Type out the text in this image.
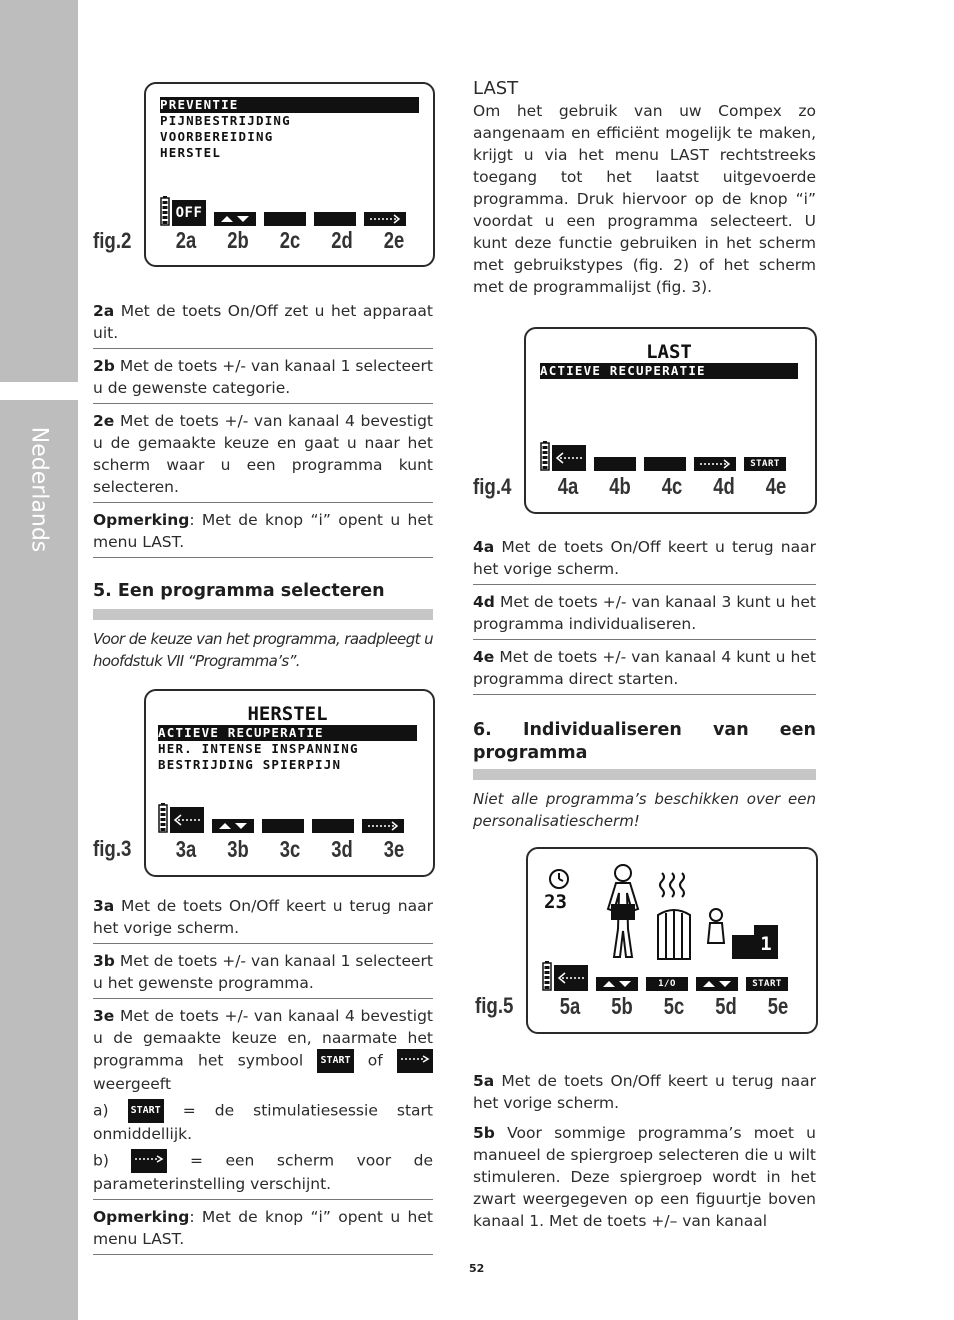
Nederlands
PREVENTIE
PIJNBESTRIJDING
VOORBEREIDING
HERSTEL
OFF
2a	2b	2c	2d	2e
fig.2

2a Met de toets On/Off zet u het apparaat uit.

2b Met de toets +/- van kanaal 1 selecteert u de gewenste categorie.

2e Met de toets +/- van kanaal 4 bevestigt u de gemaakte keuze en gaat u naar het scherm waar u een programma kunt selecteren.

Opmerking: Met de knop “i” opent u het menu LAST.

5. Een programma selecteren

Voor de keuze van het programma, raadpleegt u hoofdstuk VII “Programma’s”.

HERSTEL
ACTIEVE RECUPERATIE
HER. INTENSE INSPANNING
BESTRIJDING SPIERPIJN
3a	3b	3c	3d	3e
fig.3

3a Met de toets On/Off keert u terug naar het vorige scherm.

3b Met de toets +/- van kanaal 1 selecteert u het gewenste programma.

3e Met de toets +/- van kanaal 4 bevestigt u de gemaakte keuze en, naarmate het programma het symbool START of  weergeeft

a) START = de stimulatiesessie start onmiddellijk.

b)	= een scherm voor de parameterinstelling verschijnt.

Opmerking: Met de knop “i” opent u het menu LAST.

LAST

Om het gebruik van uw Compex zo aangenaam en efficiënt mogelijk te maken, krijgt u via het menu LAST rechtstreeks toegang tot het laatst uitgevoerde programma. Druk hiervoor op de knop “i” voordat u een programma selecteert. U kunt deze functie gebruiken in het scherm met gebruikstypes (fig. 2) of het scherm met de programmalijst (fig. 3).

LAST
ACTIEVE RECUPERATIE
START
4a	4b	4c	4d	4e
fig.4

4a Met de toets On/Off keert u terug naar het vorige scherm.

4d Met de toets +/- van kanaal 3 kunt u het programma individualiseren.

4e Met de toets +/- van kanaal 4 kunt u het programma direct starten.

6. Individualiseren van een programma

Niet alle programma’s beschikken over een personalisatiescherm!

23
1
1/O	START
5a	5b	5c	5d	5e
fig.5

5a Met de toets On/Off keert u terug naar het vorige scherm.

5b Voor sommige programma’s moet u manueel de spiergroep selecteren die u wilt stimuleren. Deze spiergroep wordt in het zwart weergegeven op een figuurtje boven kanaal 1. Met de toets +/– van kanaal

52
